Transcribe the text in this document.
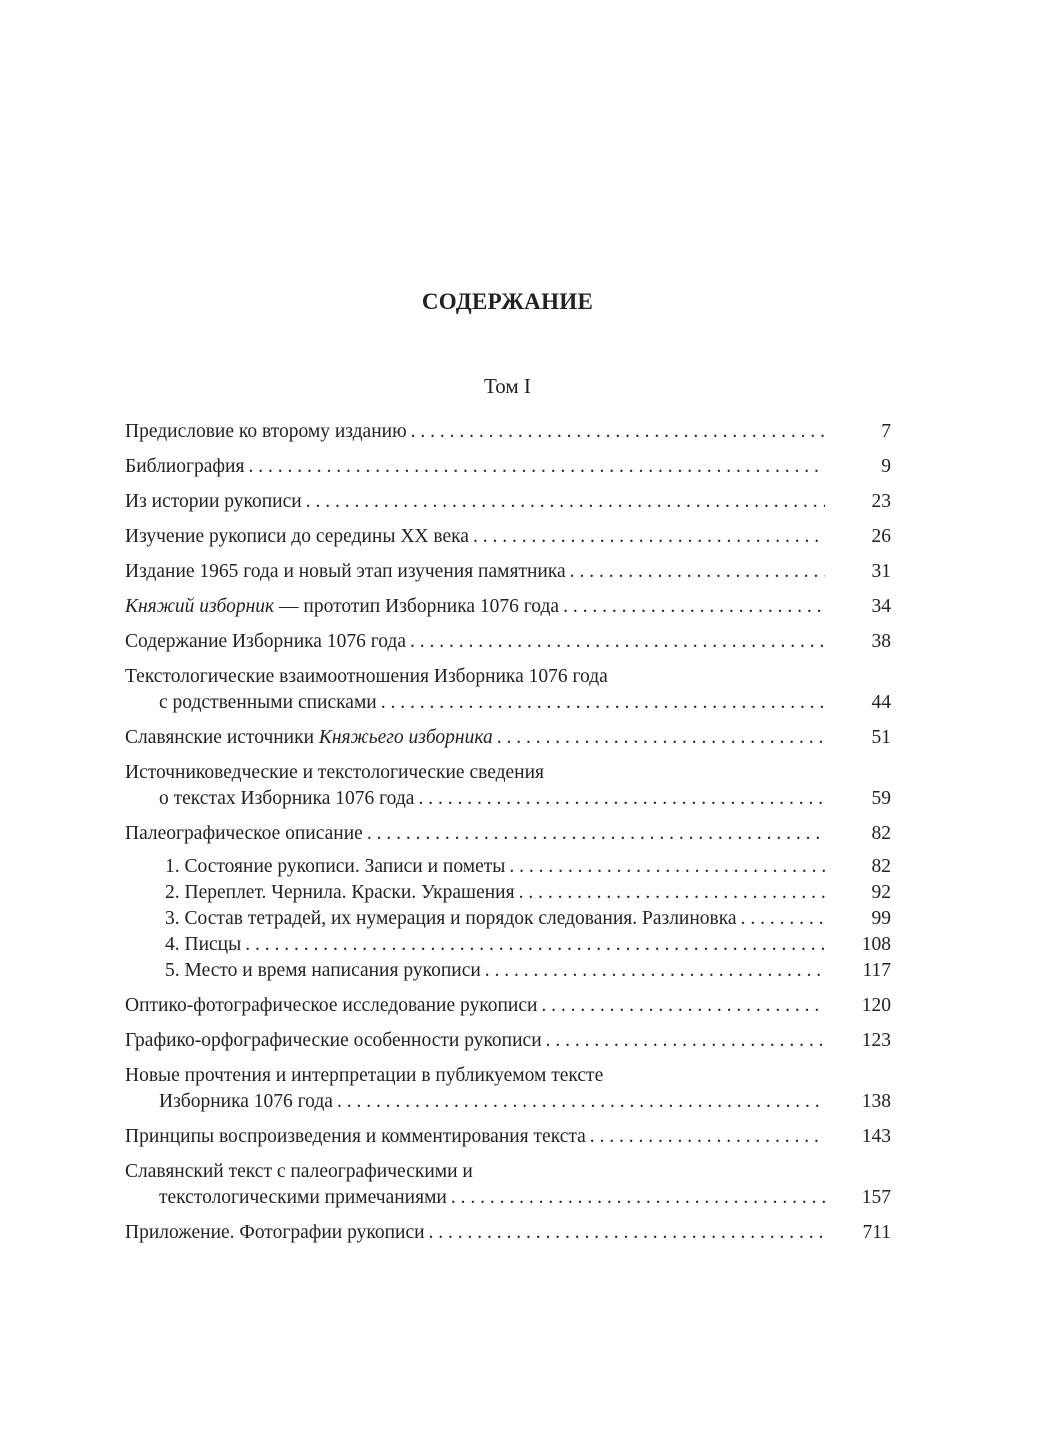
СОДЕРЖАНИЕ
Том I
Предисловие ко второму изданию . . .	7
Библиография . . .	9
Из истории рукописи . . .	23
Изучение рукописи до середины XX века . . .	26
Издание 1965 года и новый этап изучения памятника . . .	31
Княжий изборник — прототип Изборника 1076 года . . .	34
Содержание Изборника 1076 года . . .	38
Текстологические взаимоотношения Изборника 1076 года
с родственными списками . . .	44
Славянские источники Княжьего изборника . . .	51
Источниковедческие и текстологические сведения
о текстах Изборника 1076 года . . .	59
Палеографическое описание . . .	82
1. Состояние рукописи. Записи и пометы . . .	82
2. Переплет. Чернила. Краски. Украшения . . .	92
3. Состав тетрадей, их нумерация и порядок следования. Разлиновка . . .	99
4. Писцы . . .	108
5. Место и время написания рукописи . . .	117
Оптико-фотографическое исследование рукописи . . .	120
Графико-орфографические особенности рукописи . . .	123
Новые прочтения и интерпретации в публикуемом тексте
Изборника 1076 года . . .	138
Принципы воспроизведения и комментирования текста . . .	143
Славянский текст с палеографическими и
текстологическими примечаниями . . .	157
Приложение. Фотографии рукописи . . .	711
